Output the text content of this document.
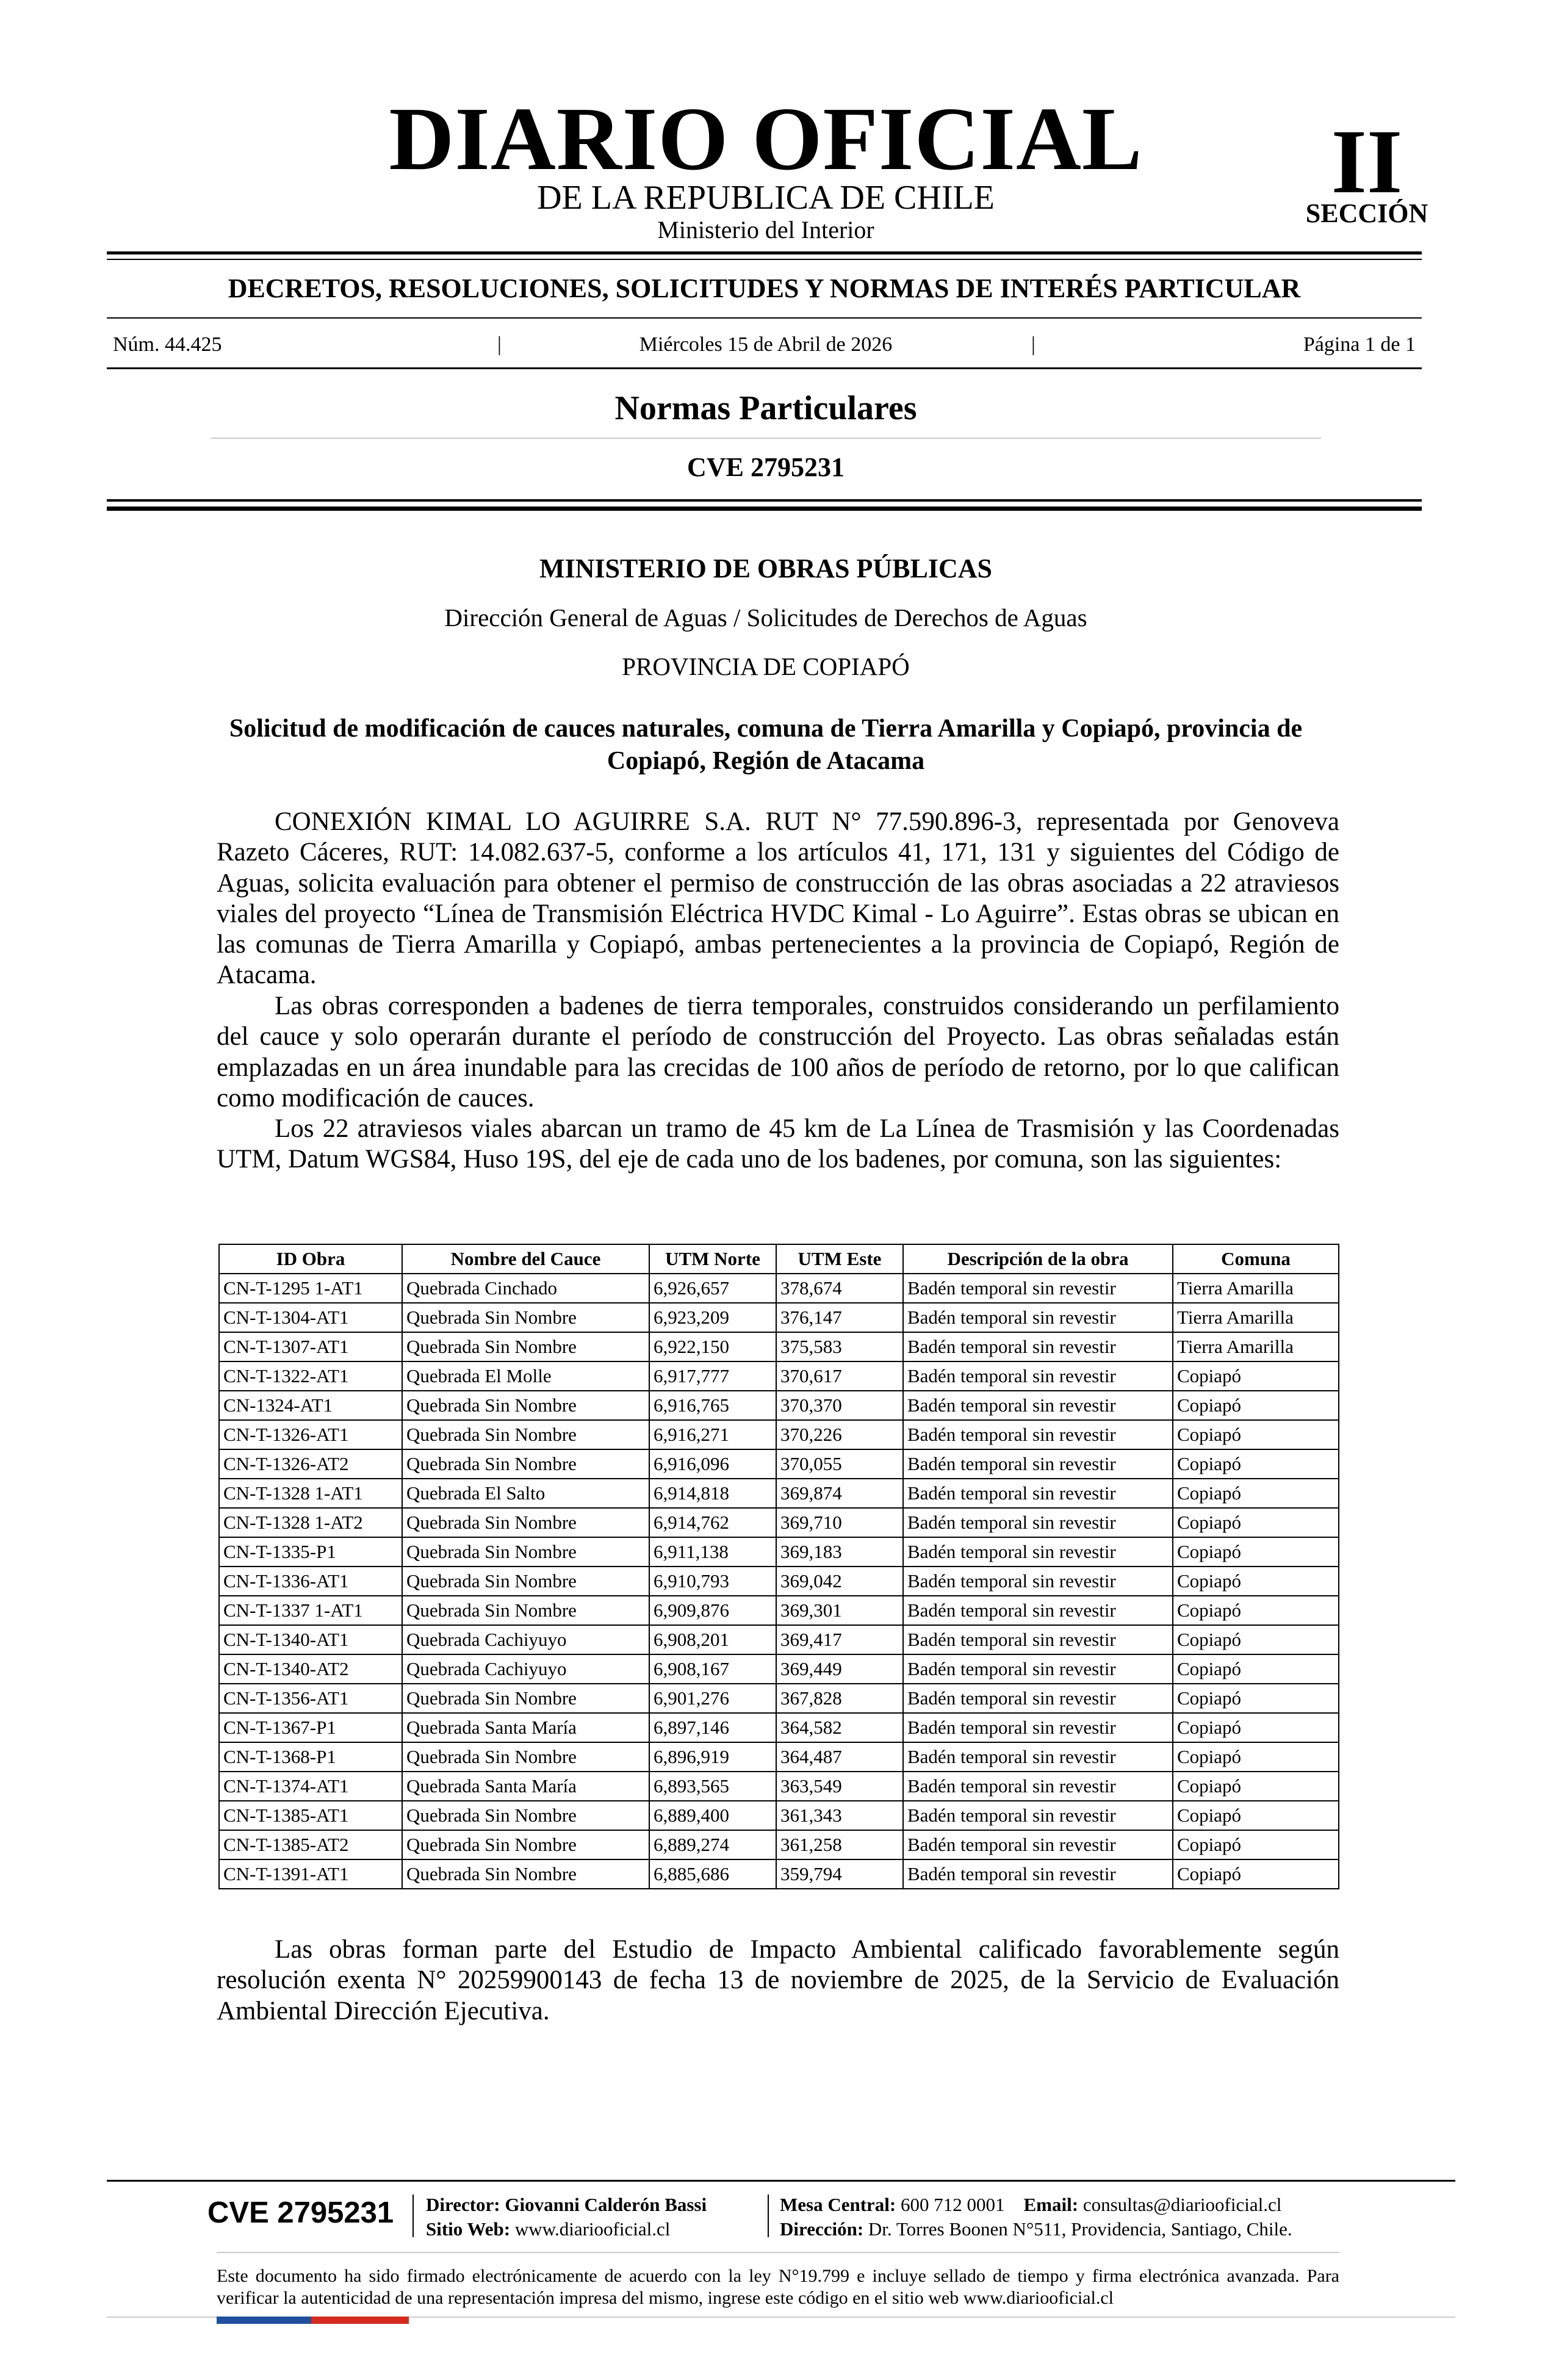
DIARIO OFICIAL
DE LA REPUBLICA DE CHILE
Ministerio del Interior
II
SECCIÓN
DECRETOS, RESOLUCIONES, SOLICITUDES Y NORMAS DE INTERÉS PARTICULAR
Núm. 44.425	|	Miércoles 15 de Abril de 2026	|	Página 1 de 1
Normas Particulares
CVE 2795231
MINISTERIO DE OBRAS PÚBLICAS
Dirección General de Aguas / Solicitudes de Derechos de Aguas
PROVINCIA DE COPIAPÓ
Solicitud de modificación de cauces naturales, comuna de Tierra Amarilla y Copiapó, provincia de Copiapó, Región de Atacama
CONEXIÓN KIMAL LO AGUIRRE S.A. RUT N° 77.590.896-3, representada por Genoveva Razeto Cáceres, RUT: 14.082.637-5, conforme a los artículos 41, 171, 131 y siguientes del Código de Aguas, solicita evaluación para obtener el permiso de construcción de las obras asociadas a 22 atraviesos viales del proyecto “Línea de Transmisión Eléctrica HVDC Kimal - Lo Aguirre”. Estas obras se ubican en las comunas de Tierra Amarilla y Copiapó, ambas pertenecientes a la provincia de Copiapó, Región de Atacama.
Las obras corresponden a badenes de tierra temporales, construidos considerando un perfilamiento del cauce y solo operarán durante el período de construcción del Proyecto. Las obras señaladas están emplazadas en un área inundable para las crecidas de 100 años de período de retorno, por lo que califican como modificación de cauces.
Los 22 atraviesos viales abarcan un tramo de 45 km de La Línea de Trasmisión y las Coordenadas UTM, Datum WGS84, Huso 19S, del eje de cada uno de los badenes, por comuna, son las siguientes:
ID Obra	Nombre del Cauce	UTM Norte	UTM Este	Descripción de la obra	Comuna
CN-T-1295 1-AT1	Quebrada Cinchado	6,926,657	378,674	Badén temporal sin revestir	Tierra Amarilla
CN-T-1304-AT1	Quebrada Sin Nombre	6,923,209	376,147	Badén temporal sin revestir	Tierra Amarilla
CN-T-1307-AT1	Quebrada Sin Nombre	6,922,150	375,583	Badén temporal sin revestir	Tierra Amarilla
CN-T-1322-AT1	Quebrada El Molle	6,917,777	370,617	Badén temporal sin revestir	Copiapó
CN-1324-AT1	Quebrada Sin Nombre	6,916,765	370,370	Badén temporal sin revestir	Copiapó
CN-T-1326-AT1	Quebrada Sin Nombre	6,916,271	370,226	Badén temporal sin revestir	Copiapó
CN-T-1326-AT2	Quebrada Sin Nombre	6,916,096	370,055	Badén temporal sin revestir	Copiapó
CN-T-1328 1-AT1	Quebrada El Salto	6,914,818	369,874	Badén temporal sin revestir	Copiapó
CN-T-1328 1-AT2	Quebrada Sin Nombre	6,914,762	369,710	Badén temporal sin revestir	Copiapó
CN-T-1335-P1	Quebrada Sin Nombre	6,911,138	369,183	Badén temporal sin revestir	Copiapó
CN-T-1336-AT1	Quebrada Sin Nombre	6,910,793	369,042	Badén temporal sin revestir	Copiapó
CN-T-1337 1-AT1	Quebrada Sin Nombre	6,909,876	369,301	Badén temporal sin revestir	Copiapó
CN-T-1340-AT1	Quebrada Cachiyuyo	6,908,201	369,417	Badén temporal sin revestir	Copiapó
CN-T-1340-AT2	Quebrada Cachiyuyo	6,908,167	369,449	Badén temporal sin revestir	Copiapó
CN-T-1356-AT1	Quebrada Sin Nombre	6,901,276	367,828	Badén temporal sin revestir	Copiapó
CN-T-1367-P1	Quebrada Santa María	6,897,146	364,582	Badén temporal sin revestir	Copiapó
CN-T-1368-P1	Quebrada Sin Nombre	6,896,919	364,487	Badén temporal sin revestir	Copiapó
CN-T-1374-AT1	Quebrada Santa María	6,893,565	363,549	Badén temporal sin revestir	Copiapó
CN-T-1385-AT1	Quebrada Sin Nombre	6,889,400	361,343	Badén temporal sin revestir	Copiapó
CN-T-1385-AT2	Quebrada Sin Nombre	6,889,274	361,258	Badén temporal sin revestir	Copiapó
CN-T-1391-AT1	Quebrada Sin Nombre	6,885,686	359,794	Badén temporal sin revestir	Copiapó
Las obras forman parte del Estudio de Impacto Ambiental calificado favorablemente según resolución exenta N° 20259900143 de fecha 13 de noviembre de 2025, de la Servicio de Evaluación Ambiental Dirección Ejecutiva.
CVE 2795231 Director: Giovanni Calderón Bassi
Sitio Web: www.diariooficial.cl
Mesa Central: 600 712 0001 Email: consultas@diariooficial.cl
Dirección: Dr. Torres Boonen N°511, Providencia, Santiago, Chile.
Este documento ha sido firmado electrónicamente de acuerdo con la ley N°19.799 e incluye sellado de tiempo y firma electrónica avanzada. Para verificar la autenticidad de una representación impresa del mismo, ingrese este código en el sitio web www.diariooficial.cl
